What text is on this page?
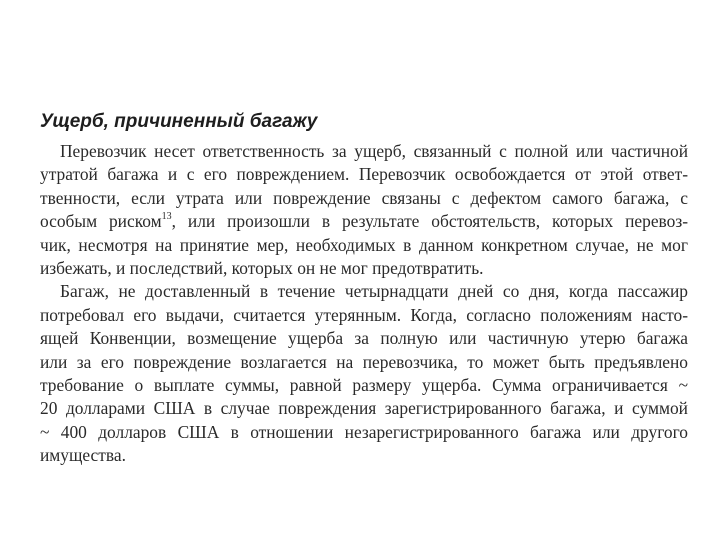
Ущерб, причиненный багажу

Перевозчик несет ответственность за ущерб, связанный с полной или частичной
утратой багажа и с его повреждением. Перевозчик освобождается от этой ответ-
твенности, если утрата или повреждение связаны с дефектом самого багажа, с
особым риском$^{13}$, или произошли в результате обстоятельств, которых перевоз-
чик, несмотря на принятие мер, необходимых в данном конкретном случае, не мог
избежать, и последствий, которых он не мог предотвратить.

Багаж, не доставленный в течение четырнадцати дней со дня, когда пассажир
потребовал его выдачи, считается утерянным. Когда, согласно положениям насто-
ящей Конвенции, возмещение ущерба за полную или частичную утерю багажа
или за его повреждение возлагается на перевозчика, то может быть предъявлено
требование о выплате суммы, равной размеру ущерба. Сумма ограничивается ~
20 долларами США в случае повреждения зарегистрированного багажа, и суммой
~ 400 долларов США в отношении незарегистрированного багажа или другого
имущества.
